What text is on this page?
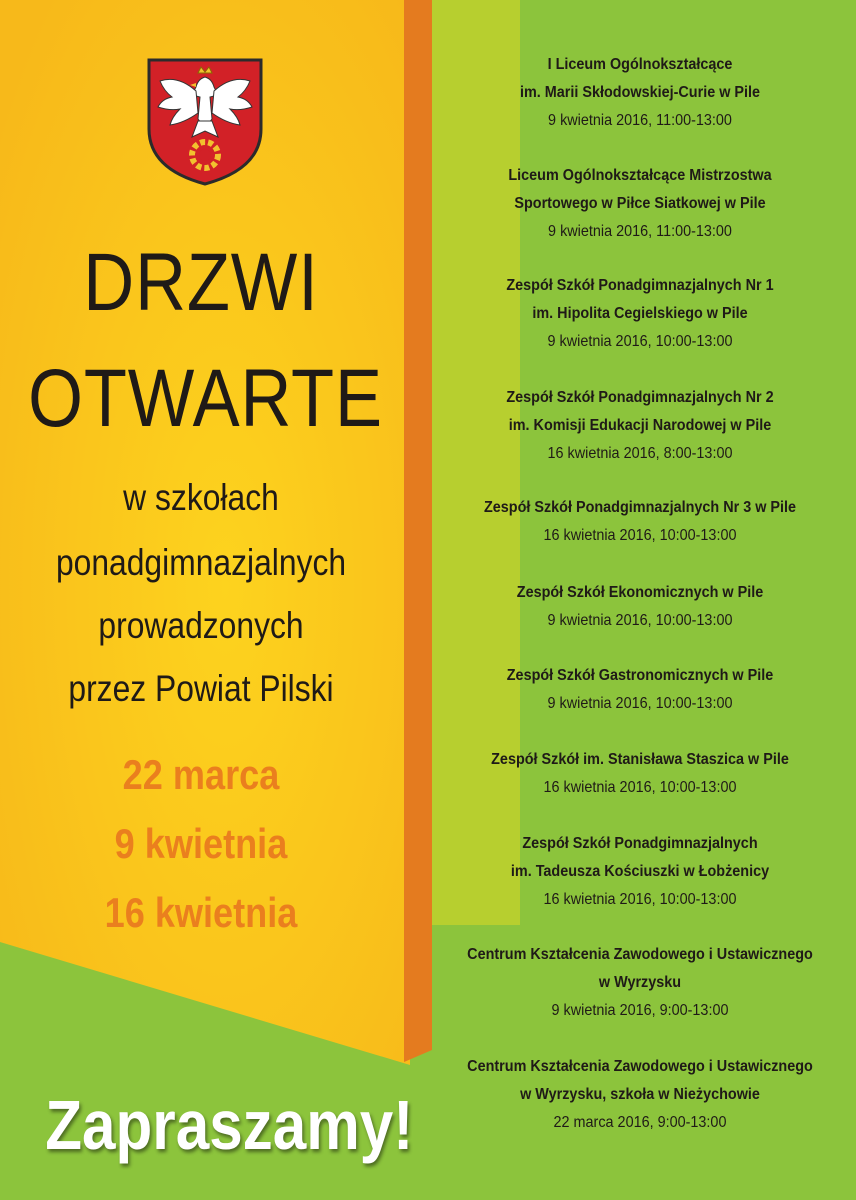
DRZWI
OTWARTE
w szkołach
ponadgimnazjalnych
prowadzonych
przez Powiat Pilski
22 marca
9 kwietnia
16 kwietnia
Zapraszamy!
I Liceum Ogólnokształcące
im. Marii Skłodowskiej-Curie w Pile
9 kwietnia 2016, 11:00-13:00
Liceum Ogólnokształcące Mistrzostwa
Sportowego w Piłce Siatkowej w Pile
9 kwietnia 2016, 11:00-13:00
Zespół Szkół Ponadgimnazjalnych Nr 1
im. Hipolita Cegielskiego w Pile
9 kwietnia 2016, 10:00-13:00
Zespół Szkół Ponadgimnazjalnych Nr 2
im. Komisji Edukacji Narodowej w Pile
16 kwietnia 2016, 8:00-13:00
Zespół Szkół Ponadgimnazjalnych Nr 3 w Pile
16 kwietnia 2016, 10:00-13:00
Zespół Szkół Ekonomicznych w Pile
9 kwietnia 2016, 10:00-13:00
Zespół Szkół Gastronomicznych w Pile
9 kwietnia 2016, 10:00-13:00
Zespół Szkół im. Stanisława Staszica w Pile
16 kwietnia 2016, 10:00-13:00
Zespół Szkół Ponadgimnazjalnych
im. Tadeusza Kościuszki w Łobżenicy
16 kwietnia 2016, 10:00-13:00
Centrum Kształcenia Zawodowego i Ustawicznego
w Wyrzysku
9 kwietnia 2016, 9:00-13:00
Centrum Kształcenia Zawodowego i Ustawicznego
w Wyrzysku, szkoła w Nieżychowie
22 marca 2016, 9:00-13:00
